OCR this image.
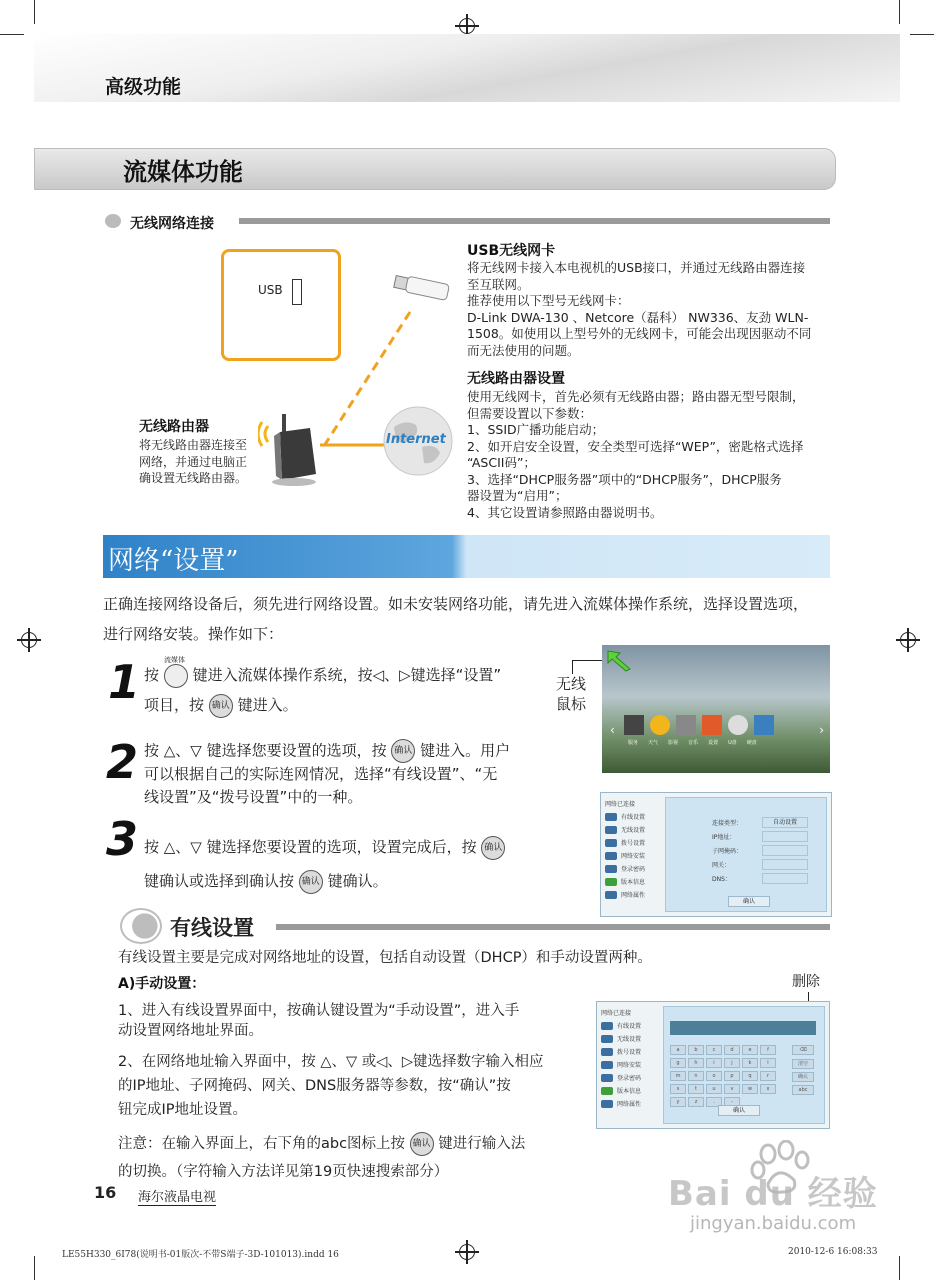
高级功能
流媒体功能
无线网络连接
USB
Internet
无线路由器
将无线路由器连接至
网络，并通过电脑正
确设置无线路由器。
USB无线网卡
将无线网卡接入本电视机的USB接口，并通过无线路由器连接
至互联网。
推荐使用以下型号无线网卡：
D-Link DWA-130 、Netcore（磊科） NW336、友劲 WLN-
1508。如使用以上型号外的无线网卡，可能会出现因驱动不同
而无法使用的问题。
无线路由器设置
使用无线网卡，首先必须有无线路由器；路由器无型号限制，
但需要设置以下参数：
1、SSID广播功能启动；
2、如开启安全设置，安全类型可选择“WEP”，密匙格式选择
“ASCII码”；
3、选择“DHCP服务器”项中的“DHCP服务”，DHCP服务
器设置为“启用”；
4、其它设置请参照路由器说明书。
网络“设置”
正确连接网络设备后，须先进行网络设置。如未安装网络功能，请先进入流媒体操作系统，选择设置选项，
进行网络安装。操作如下：
1	流媒体
按 键进入流媒体操作系统，按◁、▷键选择“设置”
项目，按 确认 键进入。
2 按 △、▽ 键选择您要设置的选项，按 确认 键进入。用户
可以根据自己的实际连网情况，选择“有线设置”、“无
线设置”及“拨号设置”中的一种。
3 按 △、▽ 键选择您要设置的选项，设置完成后，按 确认
键确认或选择到确认按 确认 键确认。
无线
鼠标
服务 天气 影视 音乐 设置 U盘 硬盘
‹	›
网络已连接
有线设置
无线设置
拨号设置
网络安装
登录密码
版本信息
网络属性
连接类型：	自动设置
IP地址：
子网掩码：
网关：
DNS：
确认
有线设置
有线设置主要是完成对网络地址的设置，包括自动设置（DHCP）和手动设置两种。
A)手动设置：	删除
1、进入有线设置界面中，按确认键设置为“手动设置”，进入手
动设置网络地址界面。
2、在网络地址输入界面中，按 △、▽ 或◁、▷键选择数字输入相应
的IP地址、子网掩码、网关、DNS服务器等参数，按“确认”按
钮完成IP地址设置。
注意：在输入界面上，右下角的abc图标上按 确认 键进行输入法
的切换。（字符输入方法详见第19页快速搜索部分）
网络已连接
有线设置
无线设置
拨号设置
网络安装
登录密码
版本信息
网络属性
a	b	c	d	e	f
g	h	i	j	k	l
m	n	o	p	q	r
s	t	u	v	w	x
y	z	.	-
⌫
清空
确认
abc
确认
16 海尔液晶电视
LE55H330_6I78(说明书-01版次-不带S端子-3D-101013).indd 16	2010-12-6 16:08:33
Bai du 经验
jingyan.baidu.com
